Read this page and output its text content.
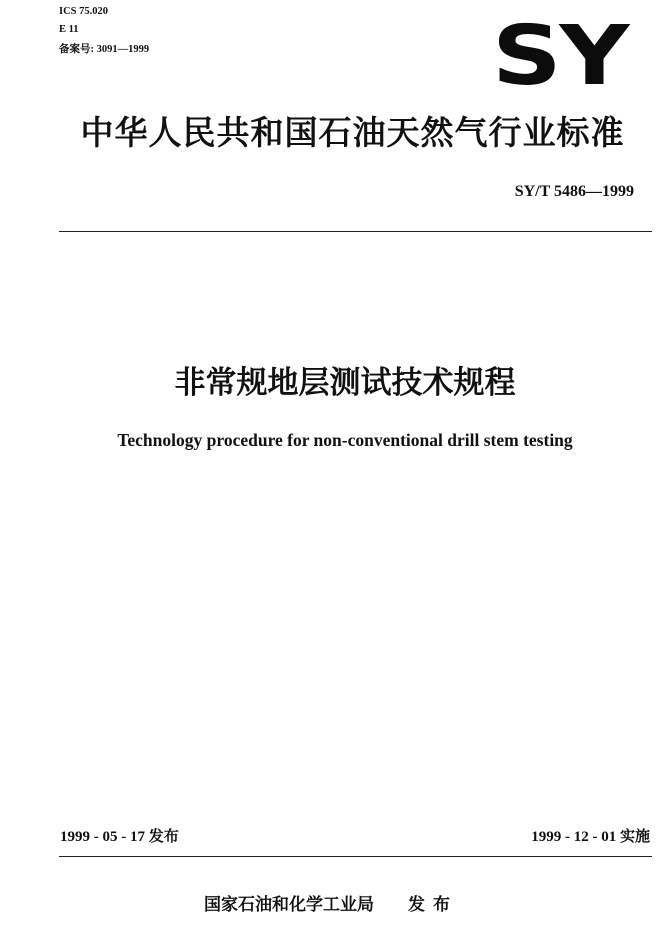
ICS 75.020
E 11
备案号: 3091—1999	SY
中华人民共和国石油天然气行业标准
SY/T 5486—1999
非常规地层测试技术规程
Technology procedure for non-conventional drill stem testing
1999 - 05 - 17 发布	1999 - 12 - 01 实施
国家石油和化学工业局 发布
